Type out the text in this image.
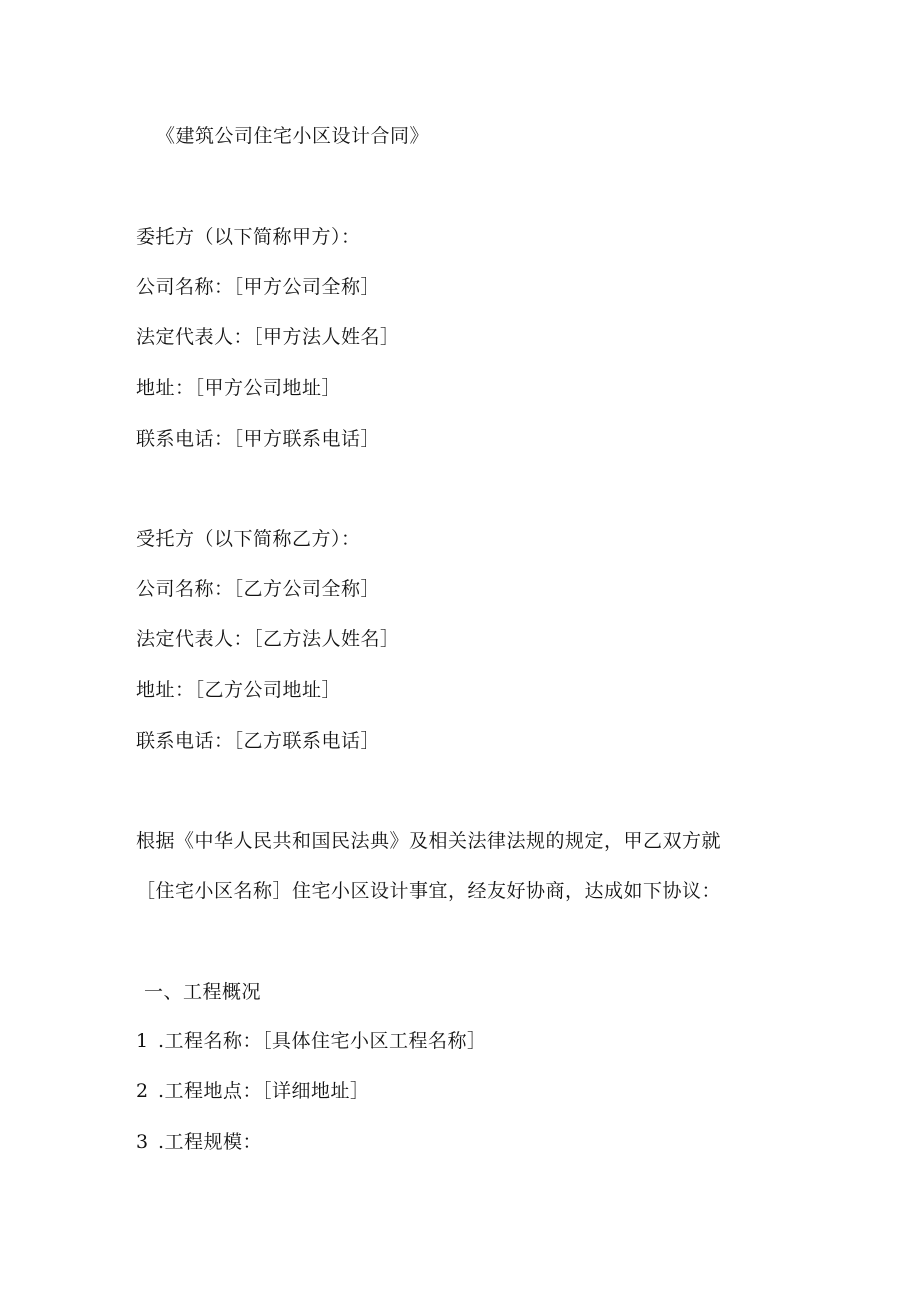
《建筑公司住宅小区设计合同》
委托方（以下简称甲方）：
公司名称：［甲方公司全称］
法定代表人：［甲方法人姓名］
地址：［甲方公司地址］
联系电话：［甲方联系电话］
受托方（以下简称乙方）：
公司名称：［乙方公司全称］
法定代表人：［乙方法人姓名］
地址：［乙方公司地址］
联系电话：［乙方联系电话］
根据《中华人民共和国民法典》及相关法律法规的规定，甲乙双方就
［住宅小区名称］住宅小区设计事宜，经友好协商，达成如下协议：
一、工程概况
1 .工程名称：［具体住宅小区工程名称］
2 .工程地点：［详细地址］
3 .工程规模：
